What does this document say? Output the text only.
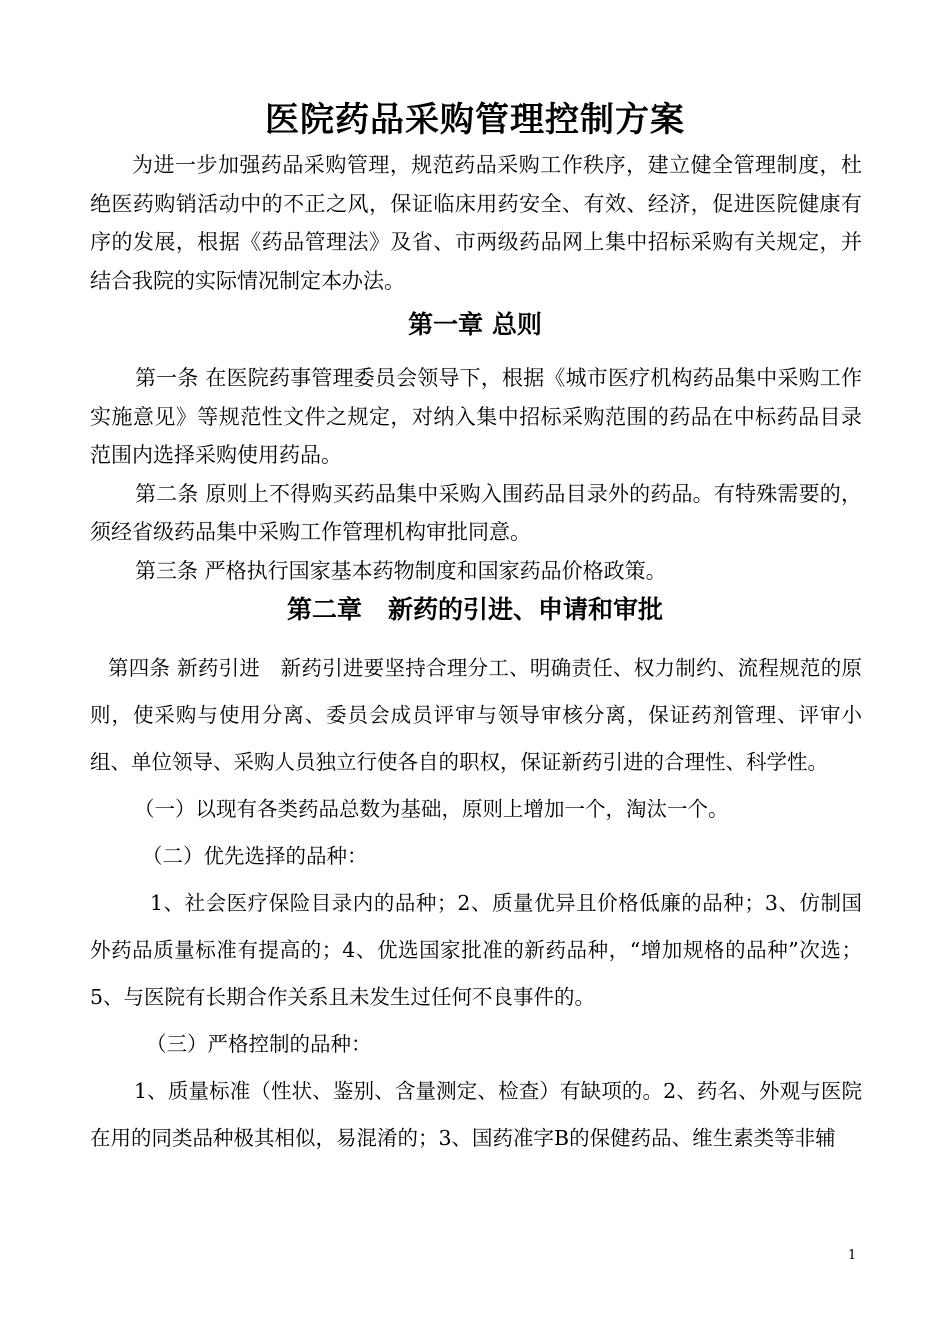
医院药品采购管理控制方案

为进一步加强药品采购管理，规范药品采购工作秩序，建立健全管理制度，杜绝医药购销活动中的不正之风，保证临床用药安全、有效、经济，促进医院健康有序的发展，根据《药品管理法》及省、市两级药品网上集中招标采购有关规定，并结合我院的实际情况制定本办法。

第一章 总则

第一条 在医院药事管理委员会领导下，根据《城市医疗机构药品集中采购工作实施意见》等规范性文件之规定，对纳入集中招标采购范围的药品在中标药品目录范围内选择采购使用药品。

第二条 原则上不得购买药品集中采购入围药品目录外的药品。有特殊需要的，须经省级药品集中采购工作管理机构审批同意。

第三条 严格执行国家基本药物制度和国家药品价格政策。

第二章   新药的引进、申请和审批

第四条 新药引进   新药引进要坚持合理分工、明确责任、权力制约、流程规范的原则，使采购与使用分离、委员会成员评审与领导审核分离，保证药剂管理、评审小组、单位领导、采购人员独立行使各自的职权，保证新药引进的合理性、科学性。

（一）以现有各类药品总数为基础，原则上增加一个，淘汰一个。

（二）优先选择的品种：

1、社会医疗保险目录内的品种；2、质量优异且价格低廉的品种；3、仿制国外药品质量标准有提高的；4、优选国家批准的新药品种，“增加规格的品种”次选；  5、与医院有长期合作关系且未发生过任何不良事件的。

（三）严格控制的品种：

1、质量标准（性状、鉴别、含量测定、检查）有缺项的。2、药名、外观与医院在用的同类品种极其相似，易混淆的；3、国药准字B的保健药品、维生素类等非辅

1
